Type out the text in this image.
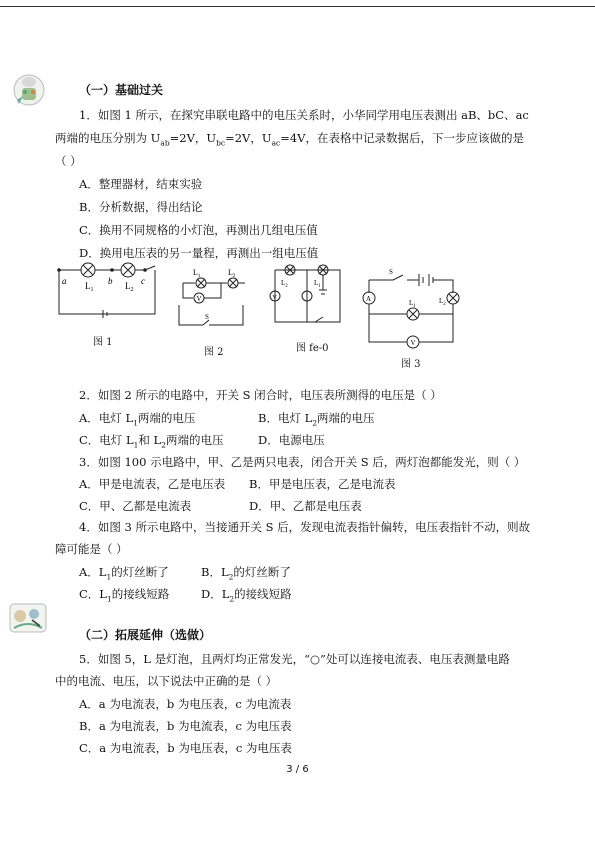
（一）基础过关
1．如图 1 所示，在探究串联电路中的电压关系时，小华同学用电压表测出 aB、bC、ac
两端的电压分别为 $U_{ab}=2V$，$U_{bc}=2V$，$U_{ac}=4V$，在表格中记录数据后，下一步应该做的是
（ ）
A．整理器材，结束实验
B．分析数据，得出结论
C．换用不同规格的小灯泡，再测出几组电压值
D．换用电压表的另一量程，再测出一组电压值
a	b	c
$L_1$	$L_2$
图 1
$L_1$	$L_2$
V
S
图 2
V
$L_2$	$L_1$
图 fe-0
S
A	$L_1$
$L_2$
V
图 3
2．如图 2 所示的电路中，开关 S 闭合时，电压表所测得的电压是（ ）
A．电灯 $L_1$两端的电压	B．电灯 $L_2$两端的电压
C．电灯 $L_1$和 $L_2$两端的电压	D．电源电压
3．如图 100 示电路中，甲、乙是两只电表，闭合开关 S 后，两灯泡都能发光，则（ ）
A．甲是电流表，乙是电压表 B．甲是电压表，乙是电流表
C．甲、乙都是电流表	D．甲、乙都是电压表
4．如图 3 所示电路中，当接通开关 S 后，发现电流表指针偏转，电压表指针不动，则故
障可能是（ ）
A．$L_1$的灯丝断了	B．$L_2$的灯丝断了
C．$L_1$的接线短路	D．$L_2$的接线短路
（二）拓展延伸（选做）
5．如图 5，L 是灯泡，且两灯均正常发光，“○”处可以连接电流表、电压表测量电路
中的电流、电压，以下说法中正确的是（ ）
A．a 为电流表，b 为电压表，c 为电流表
B．a 为电流表，b 为电流表，c 为电压表
C．a 为电流表，b 为电压表，c 为电压表
3 / 6
